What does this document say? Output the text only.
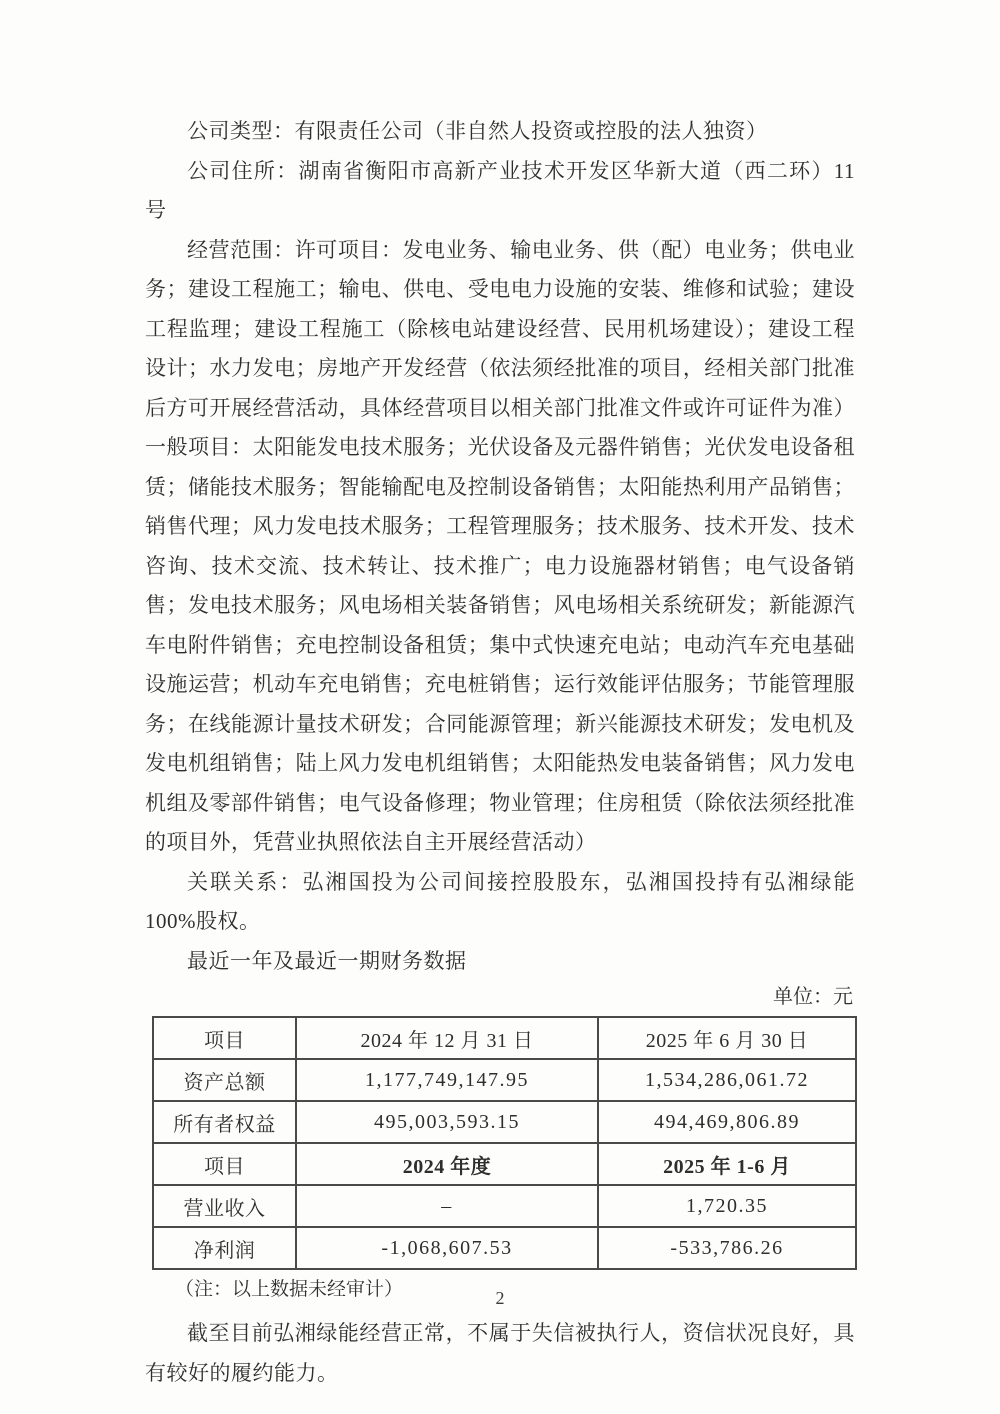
公司类型：有限责任公司（非自然人投资或控股的法人独资）

公司住所：湖南省衡阳市高新产业技术开发区华新大道（西二环）11 号

经营范围：许可项目：发电业务、输电业务、供（配）电业务；供电业务；建设工程施工；输电、供电、受电电力设施的安装、维修和试验；建设工程监理；建设工程施工（除核电站建设经营、民用机场建设）；建设工程设计；水力发电；房地产开发经营（依法须经批准的项目，经相关部门批准后方可开展经营活动，具体经营项目以相关部门批准文件或许可证件为准）一般项目：太阳能发电技术服务；光伏设备及元器件销售；光伏发电设备租赁；储能技术服务；智能输配电及控制设备销售；太阳能热利用产品销售；销售代理；风力发电技术服务；工程管理服务；技术服务、技术开发、技术咨询、技术交流、技术转让、技术推广；电力设施器材销售；电气设备销售；发电技术服务；风电场相关装备销售；风电场相关系统研发；新能源汽车电附件销售；充电控制设备租赁；集中式快速充电站；电动汽车充电基础设施运营；机动车充电销售；充电桩销售；运行效能评估服务；节能管理服务；在线能源计量技术研发；合同能源管理；新兴能源技术研发；发电机及发电机组销售；陆上风力发电机组销售；太阳能热发电装备销售；风力发电机组及零部件销售；电气设备修理；物业管理；住房租赁（除依法须经批准的项目外，凭营业执照依法自主开展经营活动）

关联关系：弘湘国投为公司间接控股股东，弘湘国投持有弘湘绿能 100%股权。

最近一年及最近一期财务数据

单位：元

项目	2024 年 12 月 31 日	2025 年 6 月 30 日
资产总额	1,177,749,147.95	1,534,286,061.72
所有者权益	495,003,593.15	494,469,806.89
项目	2024 年度	2025 年 1-6 月
营业收入	–	1,720.35
净利润	-1,068,607.53	-533,786.26

（注：以上数据未经审计）

截至目前弘湘绿能经营正常，不属于失信被执行人，资信状况良好，具有较好的履约能力。

2
